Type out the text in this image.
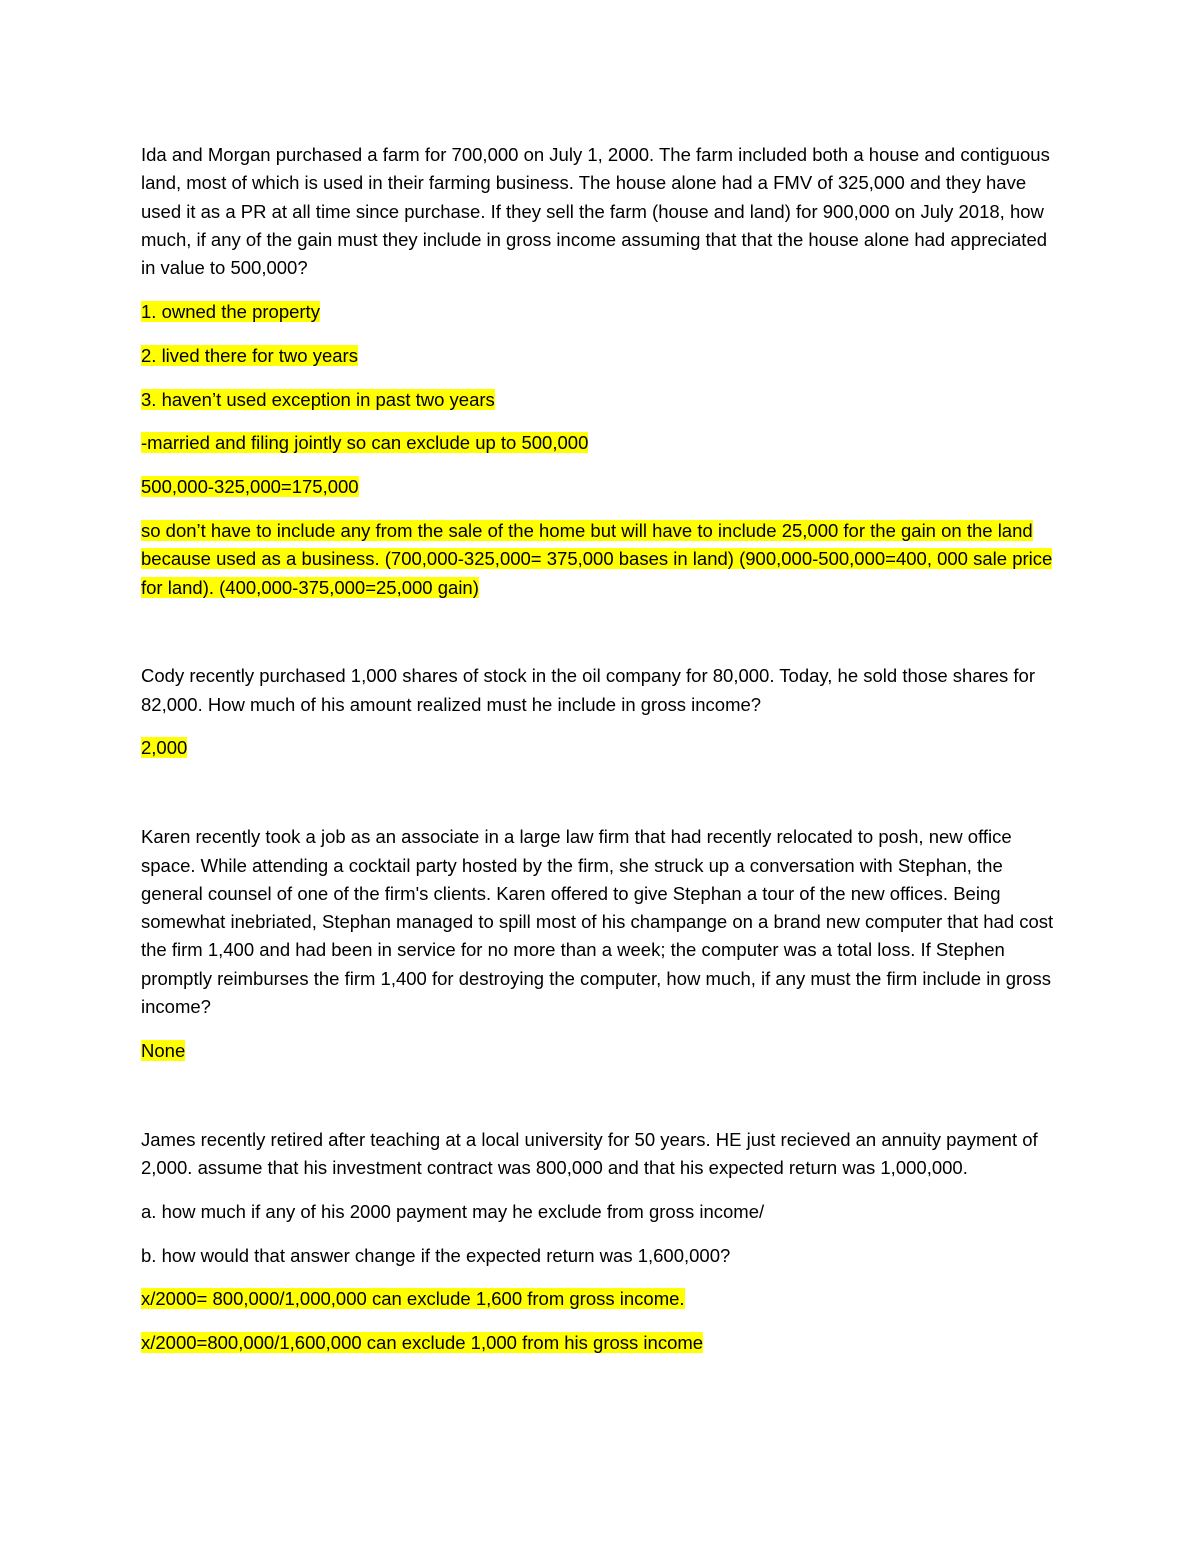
Ida and Morgan purchased a farm for 700,000 on July 1, 2000. The farm included both a house and contiguous land, most of which is used in their farming business. The house alone had a FMV of 325,000 and they have used it as a PR at all time since purchase. If they sell the farm (house and land) for 900,000 on July 2018, how much, if any of the gain must they include in gross income assuming that that the house alone had appreciated in value to 500,000?

1. owned the property

2. lived there for two years

3. haven’t used exception in past two years

-married and filing jointly so can exclude up to 500,000

500,000-325,000=175,000

so don’t have to include any from the sale of the home but will have to include 25,000 for the gain on the land because used as a business. (700,000-325,000= 375,000 bases in land) (900,000-500,000=400, 000 sale price for land). (400,000-375,000=25,000 gain)

Cody recently purchased 1,000 shares of stock in the oil company for 80,000. Today, he sold those shares for 82,000. How much of his amount realized must he include in gross income?

2,000

Karen recently took a job as an associate in a large law firm that had recently relocated to posh, new office space. While attending a cocktail party hosted by the firm, she struck up a conversation with Stephan, the general counsel of one of the firm's clients. Karen offered to give Stephan a tour of the new offices. Being somewhat inebriated, Stephan managed to spill most of his champange on a brand new computer that had cost the firm 1,400 and had been in service for no more than a week; the computer was a total loss. If Stephen promptly reimburses the firm 1,400 for destroying the computer, how much, if any must the firm include in gross income?

None

James recently retired after teaching at a local university for 50 years. HE just recieved an annuity payment of 2,000. assume that his investment contract was 800,000 and that his expected return was 1,000,000.

a. how much if any of his 2000 payment may he exclude from gross income/

b. how would that answer change if the expected return was 1,600,000?

x/2000= 800,000/1,000,000 can exclude 1,600 from gross income.

x/2000=800,000/1,600,000 can exclude 1,000 from his gross income
